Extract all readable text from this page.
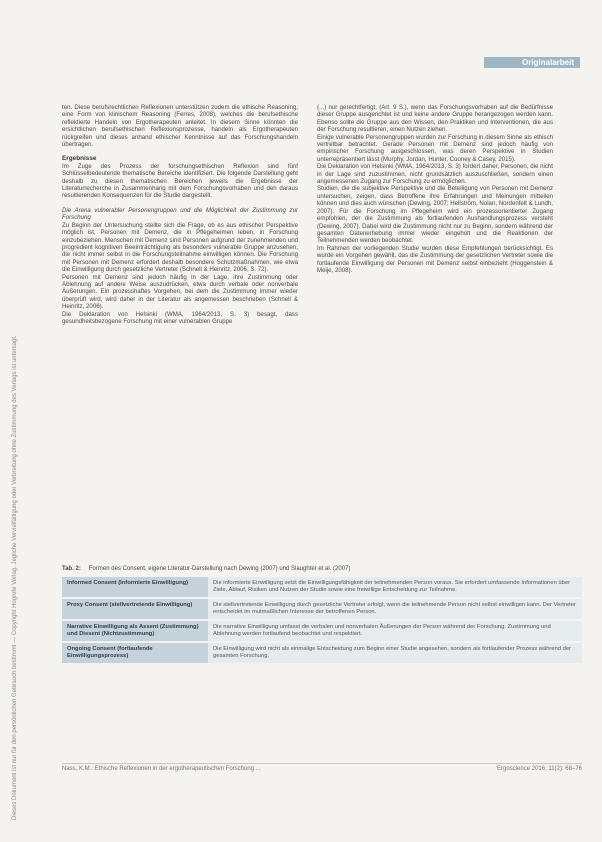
Dieses Dokument ist nur für den persönlichen Gebrauch bestimmt — Copyright Hogrefe Verlag. Jegliche Vervielfältigung oder Verbreitung ohne Zustimmung des Verlags ist untersagt.
Originalarbeit

ten. Diese berufsrechtlichen Reflexionen unterstützen zudem die ethische Reasoning, eine Form von klinischem Reasoning (Ferres, 2008), welches die berufsethische reflektierte Handeln von Ergotherapeuten anleitet. In diesem Sinne könnten die ersichtlichen berufsethischen Reflexionsprozesse, handeln als Ergotherapeuten rückgreifen und dieses anhand ethischer Kenntnisse auf das Forschungshandeln übertragen.

Ergebnisse

Im Zuge des Prozess der forschungsethischen Reflexion sind fünf Schlüsselbedeutende thematische Bereiche identifiziert. Die folgende Darstellung geht deshalb zu diesen thematischen Bereichen jeweils die Ergebnisse der Literaturrecherche in Zusammenhang mit dem Forschungsvorhaben und den daraus resultierenden Konsequenzen für die Studie dargestellt.

Die Arena vulnerabler Personengruppen und die Möglichkeit der Zustimmung zur Forschung

Zu Beginn der Untersuchung stellte sich die Frage, ob es aus ethischer Perspektive möglich ist, Personen mit Demenz, die in Pflegeheimen leben, in Forschung einzubeziehen. Menschen mit Demenz sind Personen aufgrund der zunehmenden und progredient kognitiven Beeinträchtigung als besonders vulnerable Gruppe anzusehen, die nicht immer selbst in die Forschungsteilnahme einwilligen können. Die Forschung mit Personen mit Demenz erfordert deshalb besondere Schutzmaßnahmen, wie etwa die Einwilligung durch gesetzliche Vertreter (Schnell & Heinritz, 2006, S. 72).

Personen mit Demenz sind jedoch häufig in der Lage, ihre Zustimmung oder Ablehnung auf andere Weise auszudrücken, etwa durch verbale oder nonverbale Äußerungen. Ein prozesshaftes Vorgehen, bei dem die Zustimmung immer wieder überprüft wird, wird daher in der Literatur als angemessen beschrieben (Schnell & Heinritz, 2006).

Die Deklaration von Helsinki (WMA, 1964/2013, S. 3) besagt, dass gesundheitsbezogene Forschung mit einer vulnerablen Gruppe

(...) nur gerechtfertigt, (Art. 9 S.), wenn das Forschungsvorhaben auf die Bedürfnisse dieser Gruppe ausgerichtet ist und keine andere Gruppe herangezogen werden kann. Ebenso sollte die Gruppe aus den Wissen, den Praktiken und Interventionen, die aus der Forschung resultieren, einen Nutzen ziehen.

Einige vulnerable Personengruppen wurden zur Forschung in diesem Sinne als ethisch vertretbar betrachtet. Gerade Personen mit Demenz sind jedoch häufig von empirischer Forschung ausgeschlossen, was deren Perspektive in Studien unterrepräsentiert lässt (Murphy, Jordan, Hunter, Cooney & Casey, 2015).

Die Deklaration von Helsinki (WMA, 1964/2013, S. 3) fordert daher, Personen, die nicht in der Lage sind zuzustimmen, nicht grundsätzlich auszuschließen, sondern einen angemessenen Zugang zur Forschung zu ermöglichen.

Studien, die die subjektive Perspektive und die Beteiligung von Personen mit Demenz untersuchen, zeigen, dass Betroffene ihre Erfahrungen und Meinungen mitteilen können und dies auch wünschen (Dewing, 2007; Hellström, Nolan, Nordenfelt & Lundh, 2007). Für die Forschung im Pflegeheim wird ein prozessorientierter Zugang empfohlen, der die Zustimmung als fortlaufenden Aushandlungsprozess versteht (Dewing, 2007). Dabei wird die Zustimmung nicht nur zu Beginn, sondern während der gesamten Datenerhebung immer wieder eingeholt und die Reaktionen der Teilnehmenden werden beobachtet.

Im Rahmen der vorliegenden Studie wurden diese Empfehlungen berücksichtigt. Es wurde ein Vorgehen gewählt, das die Zustimmung der gesetzlichen Vertreter sowie die fortlaufende Einwilligung der Personen mit Demenz selbst einbezieht (Hoggenstein & Meije, 2008).

Tab. 2: Formen des Consent, eigene Literatur-Darstellung nach Dewing (2007) und Slaughter et al. (2007)
Informed Consent (Informierte Einwilligung)	Die informierte Einwilligung setzt die Einwilligungsfähigkeit der teilnehmenden Person voraus. Sie erfordert umfassende Informationen über Ziele, Ablauf, Risiken und Nutzen der Studie sowie eine freiwillige Entscheidung zur Teilnahme.
Proxy Consent (stellvertretende Einwilligung)	Die stellvertretende Einwilligung durch gesetzliche Vertreter erfolgt, wenn die teilnehmende Person nicht selbst einwilligen kann. Der Vertreter entscheidet im mutmaßlichen Interesse der betroffenen Person.
Narrative Einwilligung als Assent (Zustimmung) und Dissent (Nichtzustimmung)	Die narrative Einwilligung umfasst die verbalen und nonverbalen Äußerungen der Person während der Forschung. Zustimmung und Ablehnung werden fortlaufend beobachtet und respektiert.
Ongoing Consent (fortlaufende Einwilligungsprozess)	Die Einwilligung wird nicht als einmalige Entscheidung zum Beginn einer Studie angesehen, sondern als fortlaufender Prozess während der gesamten Forschung.
Nass, K.M.: Ethische Reflexionen in der ergotherapeutischen Forschung ...	Ergoscience 2016, 11(2): 68–76
